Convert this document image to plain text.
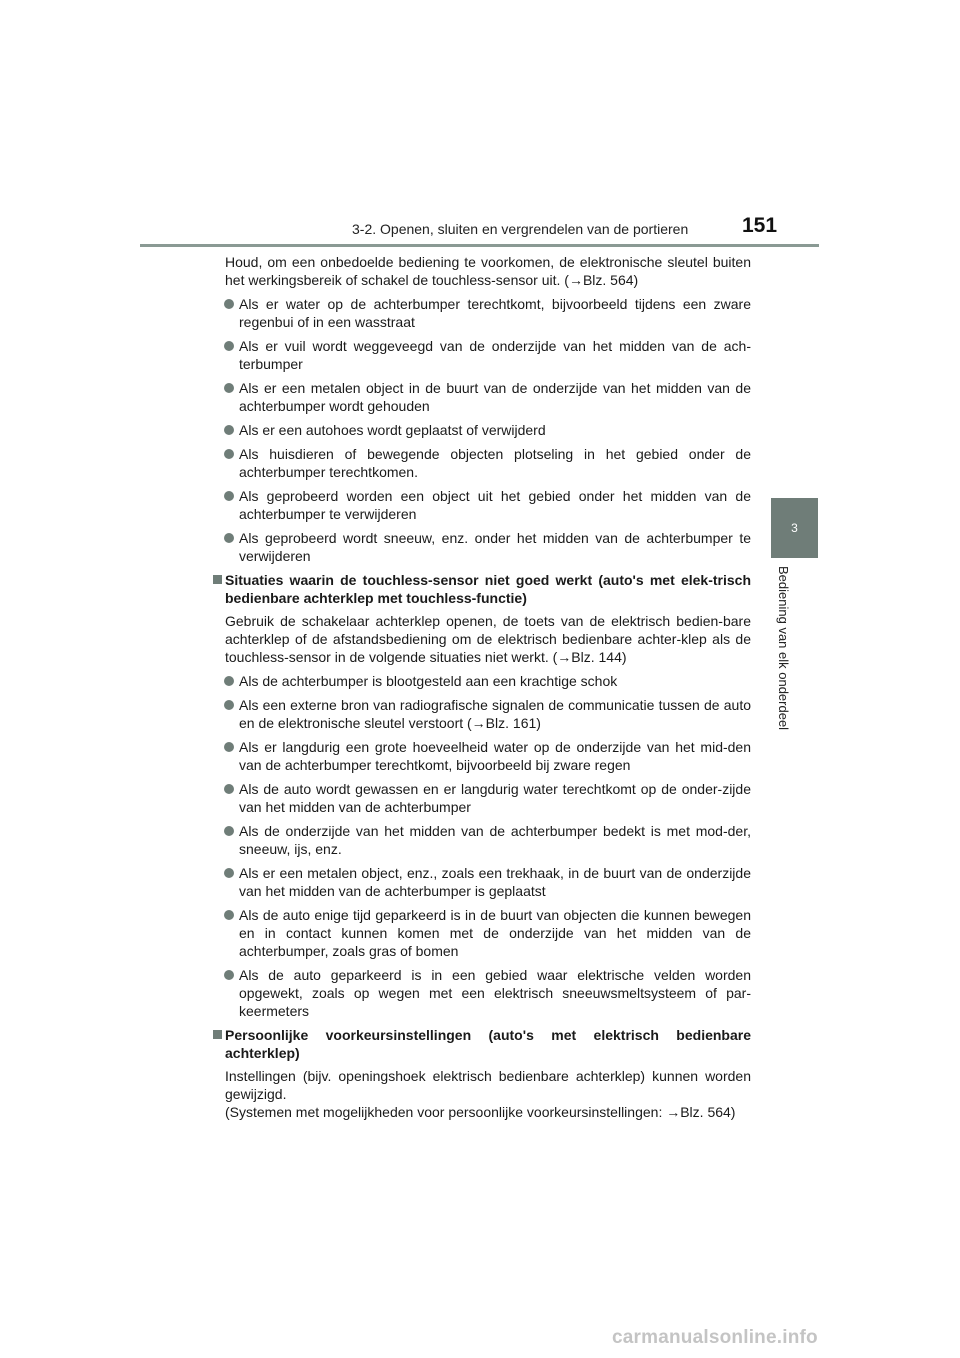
3-2. Openen, sluiten en vergrendelen van de portieren	151
3
Bediening van elk onderdeel

Houd, om een onbedoelde bediening te voorkomen, de elektronische sleutel buiten het werkingsbereik of schakel de touchless-sensor uit. (→Blz. 564)

Als er water op de achterbumper terechtkomt, bijvoorbeeld tijdens een zware regenbui of in een wasstraat
Als er vuil wordt weggeveegd van de onderzijde van het midden van de ach-terbumper
Als er een metalen object in de buurt van de onderzijde van het midden van de achterbumper wordt gehouden
Als er een autohoes wordt geplaatst of verwijderd
Als huisdieren of bewegende objecten plotseling in het gebied onder de achterbumper terechtkomen.
Als geprobeerd worden een object uit het gebied onder het midden van de achterbumper te verwijderen
Als geprobeerd wordt sneeuw, enz. onder het midden van de achterbumper te verwijderen

Situaties waarin de touchless-sensor niet goed werkt (auto's met elek-trisch bedienbare achterklep met touchless-functie)

Gebruik de schakelaar achterklep openen, de toets van de elektrisch bedien-bare achterklep of de afstandsbediening om de elektrisch bedienbare achter-klep als de touchless-sensor in de volgende situaties niet werkt. (→Blz. 144)

Als de achterbumper is blootgesteld aan een krachtige schok
Als een externe bron van radiografische signalen de communicatie tussen de auto en de elektronische sleutel verstoort (→Blz. 161)
Als er langdurig een grote hoeveelheid water op de onderzijde van het mid-den van de achterbumper terechtkomt, bijvoorbeeld bij zware regen
Als de auto wordt gewassen en er langdurig water terechtkomt op de onder-zijde van het midden van de achterbumper
Als de onderzijde van het midden van de achterbumper bedekt is met mod-der, sneeuw, ijs, enz.
Als er een metalen object, enz., zoals een trekhaak, in de buurt van de onderzijde van het midden van de achterbumper is geplaatst
Als de auto enige tijd geparkeerd is in de buurt van objecten die kunnen bewegen en in contact kunnen komen met de onderzijde van het midden van de achterbumper, zoals gras of bomen
Als de auto geparkeerd is in een gebied waar elektrische velden worden opgewekt, zoals op wegen met een elektrisch sneeuwsmeltsysteem of par-keermeters

Persoonlijke voorkeursinstellingen (auto's met elektrisch bedienbare achterklep)

Instellingen (bijv. openingshoek elektrisch bedienbare achterklep) kunnen worden gewijzigd.

(Systemen met mogelijkheden voor persoonlijke voorkeursinstellingen: →Blz. 564)

carmanualsonline.info
